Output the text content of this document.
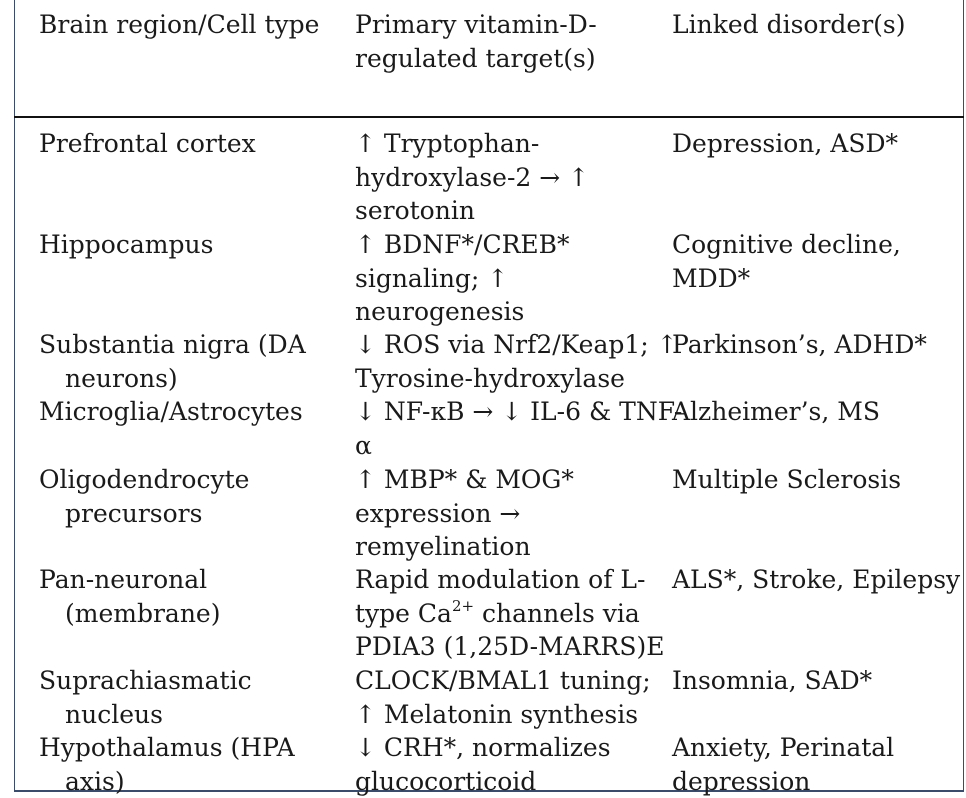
Brain region/Cell type Primary vitamin-D-
regulated target(s)
Linked disorder(s)
Prefrontal cortex	↑ Tryptophan-
hydroxylase-2 → ↑
serotonin
Depression, ASD*
Hippocampus	↑ BDNF*/CREB*
signaling; ↑
neurogenesis
Cognitive decline,
MDD*
Substantia nigra (DA
neurons)
↓ ROS via Nrf2/Keap1; ↑
Tyrosine-hydroxylase
Parkinson’s, ADHD*
Microglia/Astrocytes ↓ NF-κB → ↓ IL-6 & TNF-
α
Alzheimer’s, MS
Oligodendrocyte
precursors
↑ MBP* & MOG*
expression →
remyelination
Multiple Sclerosis
Pan-neuronal
(membrane)
Rapid modulation of L-
type $Ca^{2+}$ channels via
PDIA3 (1,25D-MARRS)E
ALS*, Stroke, Epilepsy
Suprachiasmatic
nucleus
CLOCK/BMAL1 tuning;
↑ Melatonin synthesis
Insomnia, SAD*
Hypothalamus (HPA
axis)
↓ CRH*, normalizes
glucocorticoid
Anxiety, Perinatal
depression
